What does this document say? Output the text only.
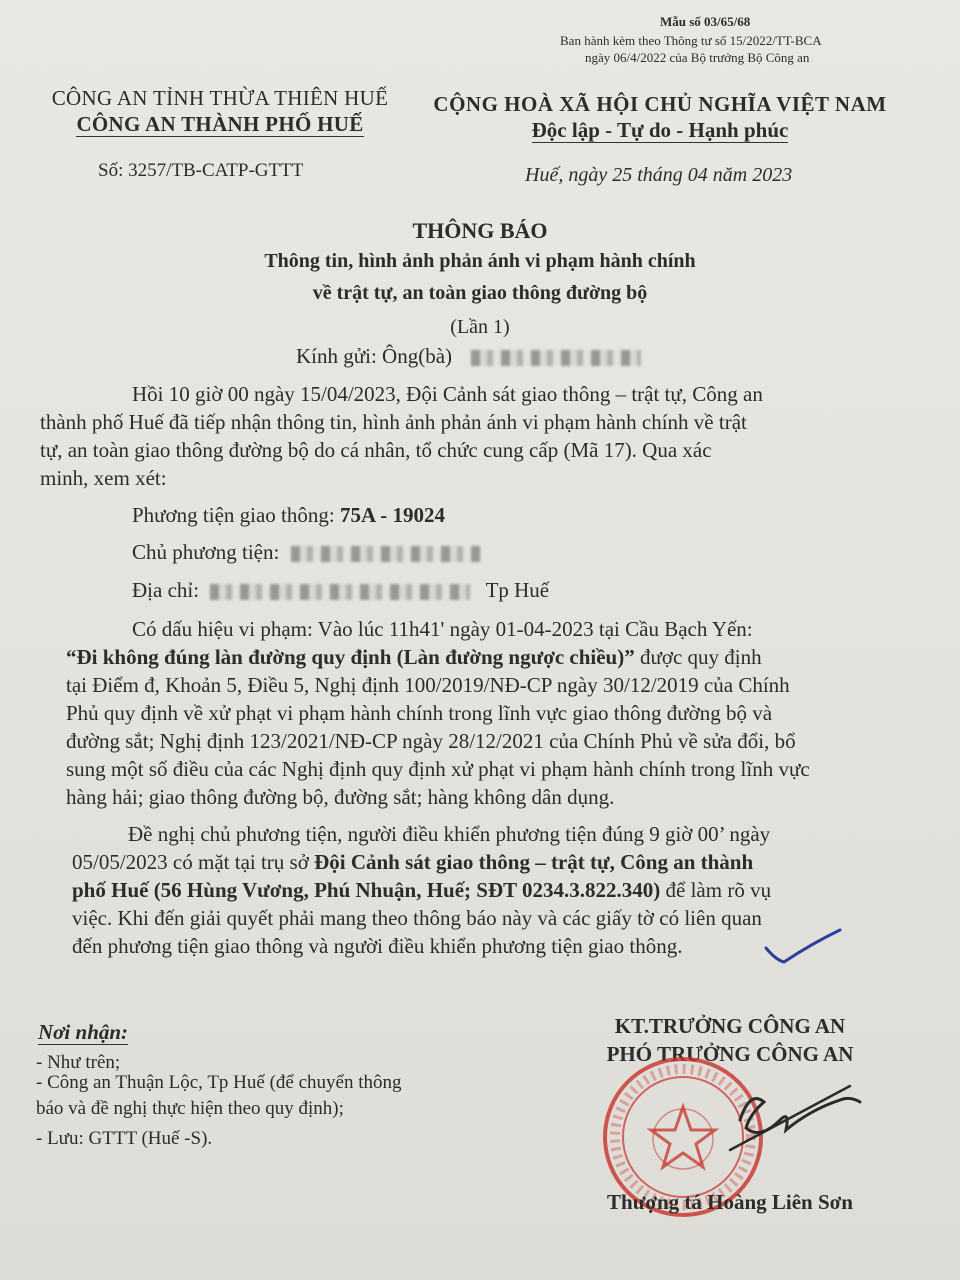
Mẫu số 03/65/68
Ban hành kèm theo Thông tư số 15/2022/TT-BCA
ngày 06/4/2022 của Bộ trưởng Bộ Công an
CÔNG AN TỈNH THỪA THIÊN HUẾ
CÔNG AN THÀNH PHỐ HUẾ
Số: 3257/TB-CATP-GTTT
CỘNG HOÀ XÃ HỘI CHỦ NGHĨA VIỆT NAM
Độc lập - Tự do - Hạnh phúc
Huế, ngày 25 tháng 04 năm 2023
THÔNG BÁO
Thông tin, hình ảnh phản ánh vi phạm hành chính
về trật tự, an toàn giao thông đường bộ
(Lần 1)
Kính gửi: Ông(bà)
Hồi 10 giờ 00 ngày 15/04/2023, Đội Cảnh sát giao thông – trật tự, Công an
thành phố Huế đã tiếp nhận thông tin, hình ảnh phản ánh vi phạm hành chính về trật
tự, an toàn giao thông đường bộ do cá nhân, tổ chức cung cấp (Mã 17). Qua xác
minh, xem xét:
Phương tiện giao thông: 75A - 19024
Chủ phương tiện:
Địa chỉ:	Tp Huế
Có dấu hiệu vi phạm: Vào lúc 11h41' ngày 01-04-2023 tại Cầu Bạch Yến:
“Đi không đúng làn đường quy định (Làn đường ngược chiều)” được quy định
tại Điểm đ, Khoản 5, Điều 5, Nghị định 100/2019/NĐ-CP ngày 30/12/2019 của Chính
Phủ quy định về xử phạt vi phạm hành chính trong lĩnh vực giao thông đường bộ và
đường sắt; Nghị định 123/2021/NĐ-CP ngày 28/12/2021 của Chính Phủ về sửa đổi, bổ
sung một số điều của các Nghị định quy định xử phạt vi phạm hành chính trong lĩnh vực
hàng hải; giao thông đường bộ, đường sắt; hàng không dân dụng.
Đề nghị chủ phương tiện, người điều khiển phương tiện đúng 9 giờ 00’ ngày
05/05/2023 có mặt tại trụ sở Đội Cảnh sát giao thông – trật tự, Công an thành
phố Huế (56 Hùng Vương, Phú Nhuận, Huế; SĐT 0234.3.822.340) để làm rõ vụ
việc. Khi đến giải quyết phải mang theo thông báo này và các giấy tờ có liên quan
đến phương tiện giao thông và người điều khiển phương tiện giao thông.
Nơi nhận:
- Như trên;
- Công an Thuận Lộc, Tp Huế (để chuyển thông
báo và đề nghị thực hiện theo quy định);
- Lưu: GTTT (Huế -S).
KT.TRƯỞNG CÔNG AN
PHÓ TRƯỞNG CÔNG AN
Thượng tá Hoàng Liên Sơn
